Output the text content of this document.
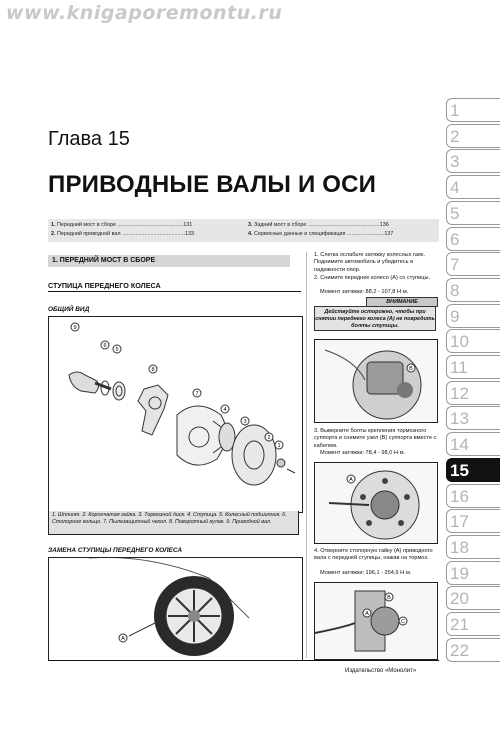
www.knigaporemontu.ru
Глава 15
ПРИВОДНЫЕ ВАЛЫ И ОСИ
1. Передний мост в сборе ............................................131
2. Передний приводной вал ..........................................133
3. Задний мост в сборе ................................................136
4. Сервисные данные и спецификация .........................137
1. ПЕРЕДНИЙ МОСТ В СБОРЕ
СТУПИЦА ПЕРЕДНЕГО КОЛЕСА
ОБЩИЙ ВИД
9
6
5
8
7
4
3
2
1
1. Шплинт. 2. Корончатая гайка. 3. Тормозной диск. 4. Ступица. 5. Колесный подшипник. 6. Стопорное кольцо. 7. Пылезащитный чехол. 8. Поворотный кулак. 9. Приводной вал.
ЗАМЕНА СТУПИЦЫ ПЕРЕДНЕГО КОЛЕСА
A
1. Слегка ослабьте затяжку колесных гаек. Поднимите автомобиль и убедитесь в надежности опор.
2. Снимите переднее колесо (A) со ступицы.
Момент затяжки: 88,2 - 107,8 Н·м.
ВНИМАНИЕ
Действуйте осторожно, чтобы при снятии переднего колеса (A) не повредить болты ступицы.
B
3. Выверните болты крепления тормозного суппорта и снимите узел (B) суппорта вместе с кабелем.
Момент затяжки: 78,4 - 98,0 Н·м.
A
4. Отверните стопорную гайку (A) приводного вала с передней ступицы, нажав на тормоз.
Момент затяжки: 196,1 - 254,9 Н·м.
B
A
C
Издательство «Монолит»
1
2
3
4
5
6
7
8
9
10
11
12
13
14
15
16
17
18
19
20
21
22
